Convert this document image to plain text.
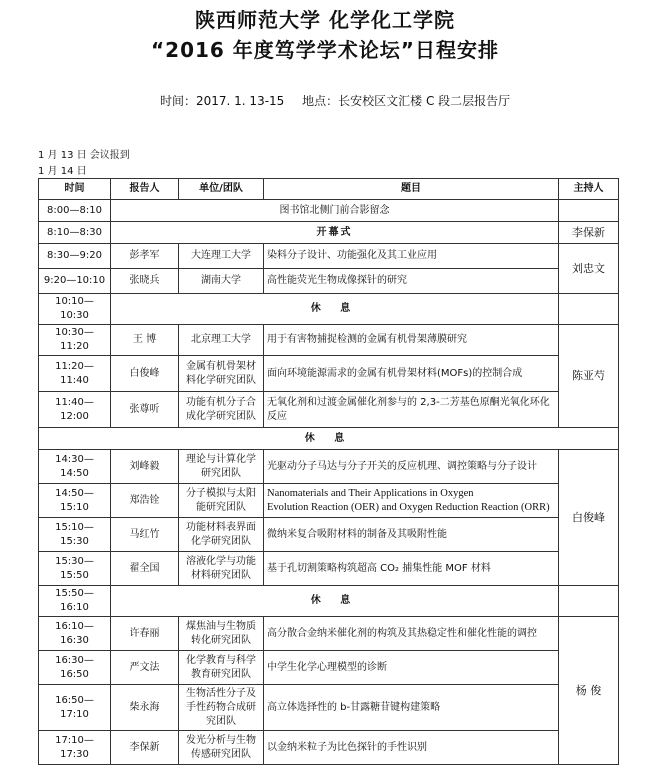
陕西师范大学 化学化工学院
“2016 年度笃学学术论坛”日程安排
时间：2017. 1. 13-15 地点：长安校区文汇楼 C 段二层报告厅
1 月 13 日 会议报到
1 月 14 日
时间	报告人	单位/团队	题目	主持人
8:00—8:10	图书馆北侧门前合影留念			
8:10—8:30	开幕式			李保新
8:30—9:20	彭孝军	大连理工大学	染料分子设计、功能强化及其工业应用	刘忠文
9:20—10:10	张晓兵	湖南大学	高性能荧光生物成像探针的研究	
10:10—10:30	休 息			
10:30—11:20	王 博	北京理工大学	用于有害物捕捉检测的金属有机骨架薄膜研究	陈亚芍
11:20—11:40	白俊峰	金属有机骨架材料化学研究团队	面向环境能源需求的金属有机骨架材料(MOFs)的控制合成	
11:40—12:00	张尊听	功能有机分子合成化学研究团队	无氧化剂和过渡金属催化剂参与的 2,3-二芳基色原酮光氧化环化反应	
休 息				
14:30—14:50	刘峰毅	理论与计算化学研究团队	光驱动分子马达与分子开关的反应机理、调控策略与分子设计	白俊峰
14:50—15:10	郑浩铨	分子模拟与太阳能研究团队	Nanomaterials and Their Applications in Oxygen
Evolution Reaction (OER) and Oxygen Reduction Reaction (ORR)	

15:10—15:30	马红竹	功能材料表界面化学研究团队	微纳米复合吸附材料的制备及其吸附性能	
15:30—15:50	翟全国	溶液化学与功能材料研究团队	基于孔切割策略构筑超高 CO₂ 捕集性能 MOF 材料	
15:50—16:10	休 息			
16:10—16:30	许春丽	煤焦油与生物质转化研究团队	高分散合金纳米催化剂的构筑及其热稳定性和催化性能的调控	杨 俊
16:30—16:50	严文法	化学教育与科学教育研究团队	中学生化学心理模型的诊断	
16:50—17:10	柴永海	生物活性分子及手性药物合成研究团队	高立体选择性的 b-甘露糖苷键构建策略	
17:10—17:30	李保新	发光分析与生物传感研究团队	以金纳米粒子为比色探针的手性识别	
